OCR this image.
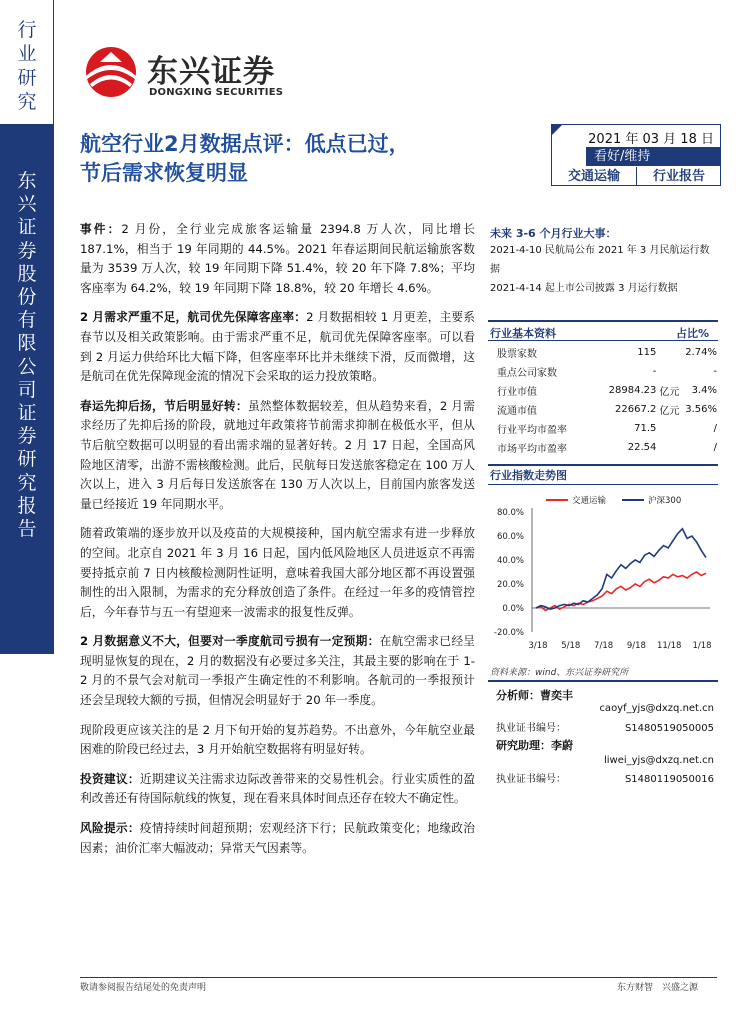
行
业
研
究
东
兴
证
券
股
份
有
限
公
司
证
券
研
究
报
告
东兴证券
DONGXING SECURITIES
航空行业2月数据点评：低点已过，
节后需求恢复明显
2021 年 03 月 18 日
看好/维持
交通运输	行业报告

事件：2 月份，全行业完成旅客运输量 2394.8 万人次，同比增长 187.1%，相当于 19 年同期的 44.5%。2021 年春运期间民航运输旅客数量为 3539 万人次，较 19 年同期下降 51.4%，较 20 年下降 7.8%；平均客座率为 64.2%，较 19 年同期下降 18.8%，较 20 年增长 4.6%。

2 月需求严重不足，航司优先保障客座率：2 月数据相较 1 月更差，主要系春节以及相关政策影响。由于需求严重不足，航司优先保障客座率。可以看到 2 月运力供给环比大幅下降，但客座率环比并未继续下滑，反而微增，这是航司在优先保障现金流的情况下会采取的运力投放策略。

春运先抑后扬，节后明显好转：虽然整体数据较差，但从趋势来看，2 月需求经历了先抑后扬的阶段，就地过年政策将节前需求抑制在极低水平，但从节后航空数据可以明显的看出需求端的显著好转。2 月 17 日起，全国高风险地区清零，出游不需核酸检测。此后，民航每日发送旅客稳定在 100 万人次以上，进入 3 月后每日发送旅客在 130 万人次以上，目前国内旅客发送量已经接近 19 年同期水平。

随着政策端的逐步放开以及疫苗的大规模接种，国内航空需求有进一步释放的空间。北京自 2021 年 3 月 16 日起，国内低风险地区人员进返京不再需要持抵京前 7 日内核酸检测阴性证明，意味着我国大部分地区都不再设置强制性的出入限制，为需求的充分释放创造了条件。在经过一年多的疫情管控后，今年春节与五一有望迎来一波需求的报复性反弹。

2 月数据意义不大，但要对一季度航司亏损有一定预期：在航空需求已经呈现明显恢复的现在，2 月的数据没有必要过多关注，其最主要的影响在于 1-2 月的不景气会对航司一季报产生确定性的不利影响。各航司的一季报预计还会呈现较大额的亏损，但情况会明显好于 20 年一季度。

现阶段更应该关注的是 2 月下旬开始的复苏趋势。不出意外，今年航空业最困难的阶段已经过去，3 月开始航空数据将有明显好转。

投资建议：近期建议关注需求边际改善带来的交易性机会。行业实质性的盈利改善还有待国际航线的恢复，现在看来具体时间点还存在较大不确定性。

风险提示：疫情持续时间超预期；宏观经济下行；民航政策变化；地缘政治因素；油价汇率大幅波动；异常天气因素等。

未来 3-6 个月行业大事：
2021-4-10 民航局公布 2021 年 3 月民航运行数据
2021-4-14 起上市公司披露 3 月运行数据
行业基本资料	占比%
股票家数	115		2.74%
重点公司家数	-		-
行业市值	28984.23	亿元	3.4%
流通市值	22667.2	亿元	3.56%
行业平均市盈率	71.5		/
市场平均市盈率	22.54		/
行业指数走势图
80.0%
60.0%
40.0%
20.0%
0.0%
-20.0%
3/18 5/18 7/18 9/18 11/18 1/18
交通运输	沪深300
资料来源：wind、东兴证券研究所
分析师：曹奕丰
caoyf_yjs@dxzq.net.cn
执业证书编号：	S1480519050005
研究助理：李蔚
liwei_yjs@dxzq.net.cn
执业证书编号：	S1480119050016
敬请参阅报告结尾处的免责声明	东方财智　兴盛之源
